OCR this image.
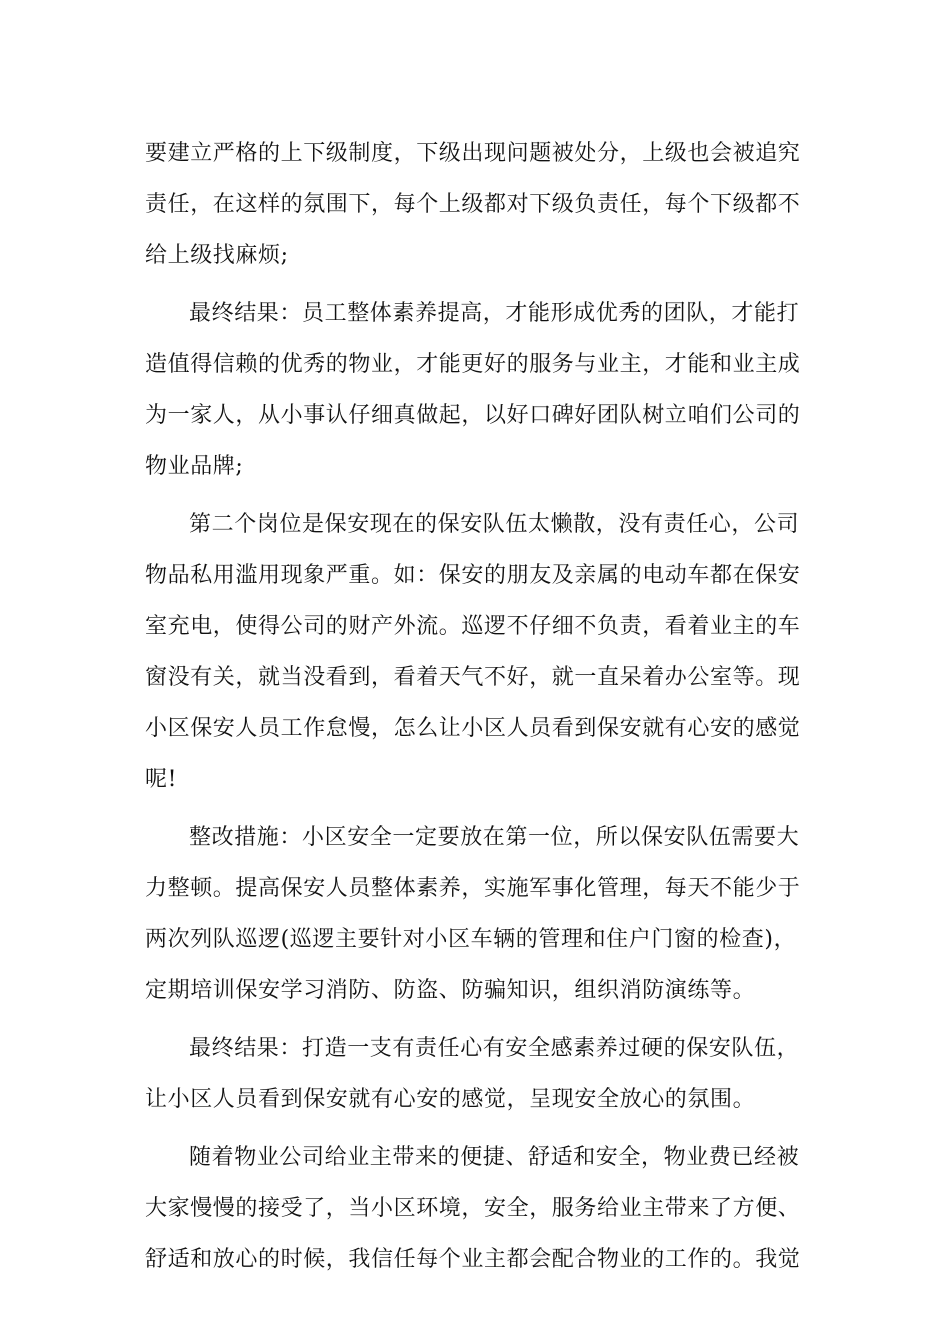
要建立严格的上下级制度，下级出现问题被处分，上级也会被追究
责任，在这样的氛围下，每个上级都对下级负责任，每个下级都不
给上级找麻烦;
最终结果：员工整体素养提高，才能形成优秀的团队，才能打
造值得信赖的优秀的物业，才能更好的服务与业主，才能和业主成
为一家人，从小事认仔细真做起，以好口碑好团队树立咱们公司的
物业品牌;
第二个岗位是保安现在的保安队伍太懒散，没有责任心，公司
物品私用滥用现象严重。如：保安的朋友及亲属的电动车都在保安
室充电，使得公司的财产外流。巡逻不仔细不负责，看着业主的车
窗没有关，就当没看到，看着天气不好，就一直呆着办公室等。现
小区保安人员工作怠慢，怎么让小区人员看到保安就有心安的感觉
呢!
整改措施：小区安全一定要放在第一位，所以保安队伍需要大
力整顿。提高保安人员整体素养，实施军事化管理，每天不能少于
两次列队巡逻(巡逻主要针对小区车辆的管理和住户门窗的检查)，
定期培训保安学习消防、防盗、防骗知识，组织消防演练等。
最终结果：打造一支有责任心有安全感素养过硬的保安队伍，
让小区人员看到保安就有心安的感觉，呈现安全放心的氛围。
随着物业公司给业主带来的便捷、舒适和安全，物业费已经被
大家慢慢的接受了，当小区环境，安全，服务给业主带来了方便、
舒适和放心的时候，我信任每个业主都会配合物业的工作的。我觉
